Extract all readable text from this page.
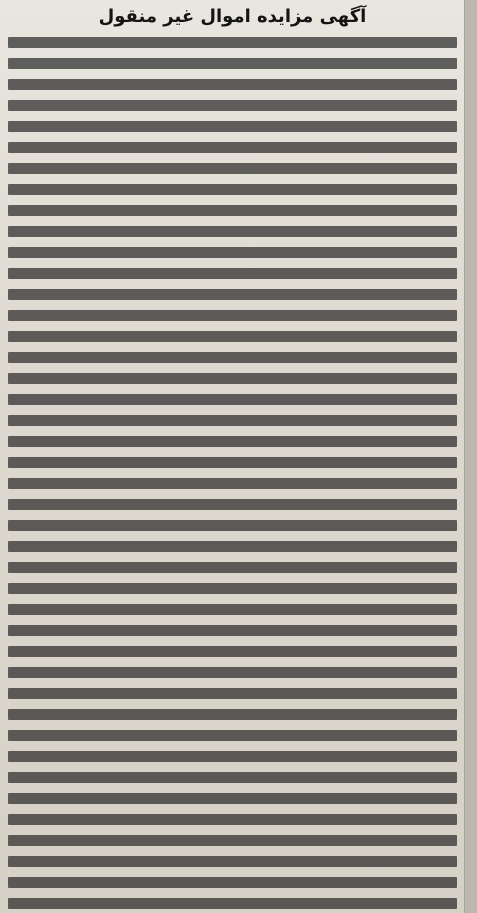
آگهی مزایده اموال غیر منقول
